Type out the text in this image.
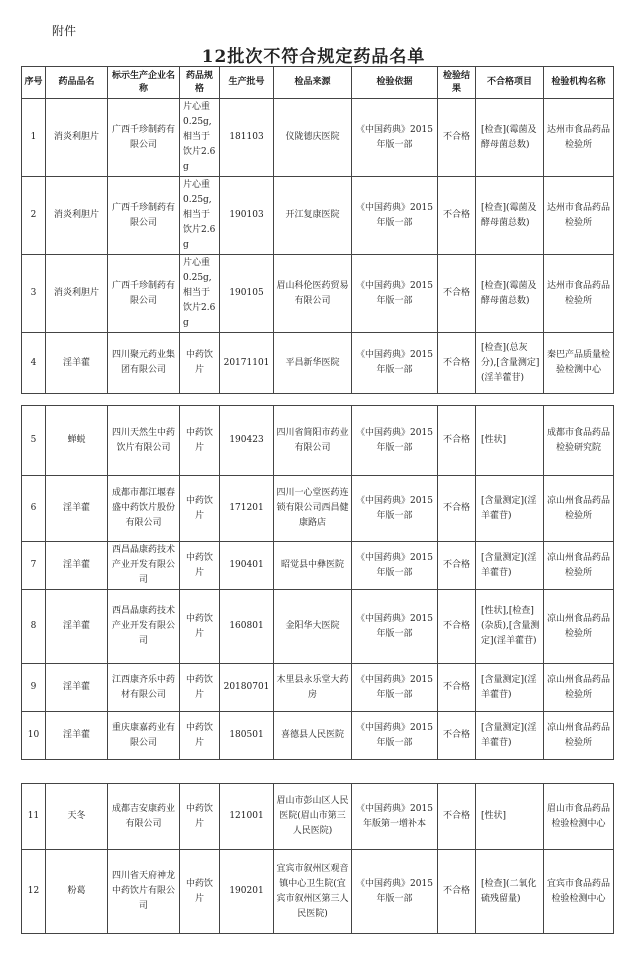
附件
12批次不符合规定药品名单
序号	药品品名	标示生产企业名称	药品规格	生产批号	检品来源	检验依据	检验结果	不合格项目	检验机构名称
1	消炎利胆片	广西千珍制药有限公司	片心重0.25g,相当于饮片2.6g	181103	仪陇德庆医院	《中国药典》2015年版一部	不合格	[检查](霉菌及酵母菌总数)	达州市食品药品检验所
2	消炎利胆片	广西千珍制药有限公司	片心重0.25g,相当于饮片2.6g	190103	开江复康医院	《中国药典》2015年版一部	不合格	[检查](霉菌及酵母菌总数)	达州市食品药品检验所
3	消炎利胆片	广西千珍制药有限公司	片心重0.25g,相当于饮片2.6g	190105	眉山科伦医药贸易有限公司	《中国药典》2015年版一部	不合格	[检查](霉菌及酵母菌总数)	达州市食品药品检验所
4	淫羊藿	四川聚元药业集团有限公司	中药饮片	20171101	平昌新华医院	《中国药典》2015年版一部	不合格	[检查](总灰分),[含量测定](淫羊藿苷)	秦巴产品质量检验检测中心
5	蝉蜕	四川天然生中药饮片有限公司	中药饮片	190423	四川省简阳市药业有限公司	《中国药典》2015年版一部	不合格	[性状]	成都市食品药品检验研究院
6	淫羊藿	成都市都江堰春盛中药饮片股份有限公司	中药饮片	171201	四川一心堂医药连锁有限公司西昌健康路店	《中国药典》2015年版一部	不合格	[含量测定](淫羊藿苷)	凉山州食品药品检验所
7	淫羊藿	西昌晶康药技术产业开发有限公司	中药饮片	190401	昭觉县中彝医院	《中国药典》2015年版一部	不合格	[含量测定](淫羊藿苷)	凉山州食品药品检验所
8	淫羊藿	西昌晶康药技术产业开发有限公司	中药饮片	160801	金阳华大医院	《中国药典》2015年版一部	不合格	[性状],[检查](杂质),[含量测定](淫羊藿苷)	凉山州食品药品检验所
9	淫羊藿	江西康齐乐中药材有限公司	中药饮片	20180701	木里县永乐堂大药房	《中国药典》2015年版一部	不合格	[含量测定](淫羊藿苷)	凉山州食品药品检验所
10	淫羊藿	重庆康嘉药业有限公司	中药饮片	180501	喜德县人民医院	《中国药典》2015年版一部	不合格	[含量测定](淫羊藿苷)	凉山州食品药品检验所
11	天冬	成都吉安康药业有限公司	中药饮片	121001	眉山市彭山区人民医院(眉山市第三人民医院)	《中国药典》2015年版第一增补本	不合格	[性状]	眉山市食品药品检验检测中心
12	粉葛	四川省天府神龙中药饮片有限公司	中药饮片	190201	宜宾市叙州区观音镇中心卫生院(宜宾市叙州区第三人民医院)	《中国药典》2015年版一部	不合格	[检查](二氧化硫残留量)	宜宾市食品药品检验检测中心
